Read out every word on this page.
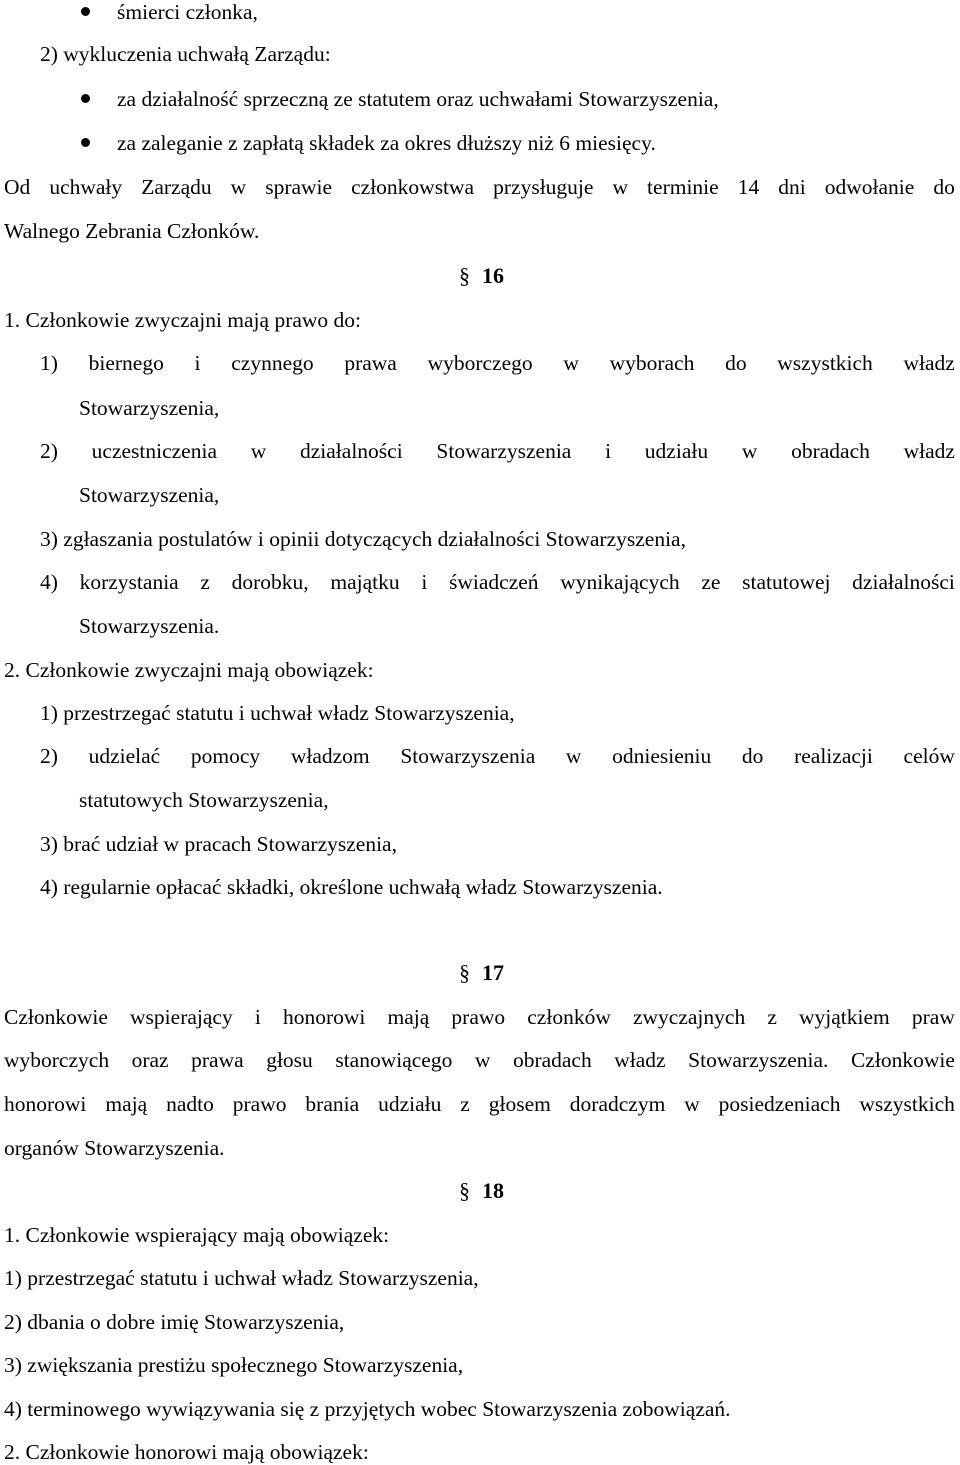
śmierci członka,
2) wykluczenia uchwałą Zarządu:
za działalność sprzeczną ze statutem oraz uchwałami Stowarzyszenia,
za zaleganie z zapłatą składek za okres dłuższy niż 6 miesięcy.
Od uchwały Zarządu w sprawie członkowstwa przysługuje w terminie 14 dni odwołanie do
Walnego Zebrania Członków.
§ 16
1. Członkowie zwyczajni mają prawo do:
1) biernego i czynnego prawa wyborczego w wyborach do wszystkich władz
Stowarzyszenia,
2) uczestniczenia w działalności Stowarzyszenia i udziału w obradach władz
Stowarzyszenia,
3) zgłaszania postulatów i opinii dotyczących działalności Stowarzyszenia,
4) korzystania z dorobku, majątku i świadczeń wynikających ze statutowej działalności
Stowarzyszenia.
2. Członkowie zwyczajni mają obowiązek:
1) przestrzegać statutu i uchwał władz Stowarzyszenia,
2) udzielać pomocy władzom Stowarzyszenia w odniesieniu do realizacji celów
statutowych Stowarzyszenia,
3) brać udział w pracach Stowarzyszenia,
4) regularnie opłacać składki, określone uchwałą władz Stowarzyszenia.
§ 17
Członkowie wspierający i honorowi mają prawo członków zwyczajnych z wyjątkiem praw
wyborczych oraz prawa głosu stanowiącego w obradach władz Stowarzyszenia. Członkowie
honorowi mają nadto prawo brania udziału z głosem doradczym w posiedzeniach wszystkich
organów Stowarzyszenia.
§ 18
1. Członkowie wspierający mają obowiązek:
1) przestrzegać statutu i uchwał władz Stowarzyszenia,
2) dbania o dobre imię Stowarzyszenia,
3) zwiększania prestiżu społecznego Stowarzyszenia,
4) terminowego wywiązywania się z przyjętych wobec Stowarzyszenia zobowiązań.
2. Członkowie honorowi mają obowiązek:
